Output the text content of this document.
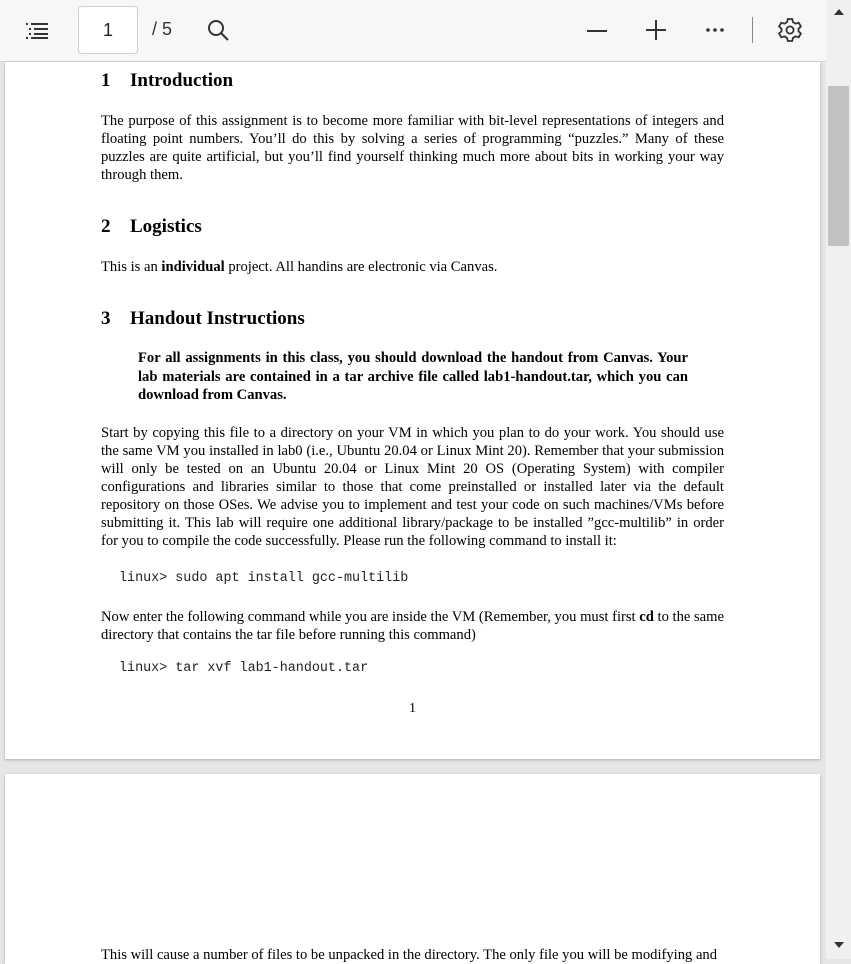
1 / 5
1 Introduction
The purpose of this assignment is to become more familiar with bit-level representations of integers and floating point numbers. You’ll do this by solving a series of programming “puzzles.” Many of these puzzles are quite artificial, but you’ll find yourself thinking much more about bits in working your way through them.
2 Logistics
This is an individual project. All handins are electronic via Canvas.
3 Handout Instructions
For all assignments in this class, you should download the handout from Canvas. Your lab materials are contained in a tar archive file called lab1-handout.tar, which you can download from Canvas.
Start by copying this file to a directory on your VM in which you plan to do your work. You should use the same VM you installed in lab0 (i.e., Ubuntu 20.04 or Linux Mint 20). Remember that your submission will only be tested on an Ubuntu 20.04 or Linux Mint 20 OS (Operating System) with compiler configurations and libraries similar to those that come preinstalled or installed later via the default repository on those OSes. We advise you to implement and test your code on such machines/VMs before submitting it. This lab will require one additional library/package to be installed ”gcc-multilib” in order for you to compile the code successfully. Please run the following command to install it:
linux> sudo apt install gcc-multilib
Now enter the following command while you are inside the VM (Remember, you must first cd to the same directory that contains the tar file before running this command)
linux> tar xvf lab1-handout.tar
1
This will cause a number of files to be unpacked in the directory. The only file you will be modifying and
